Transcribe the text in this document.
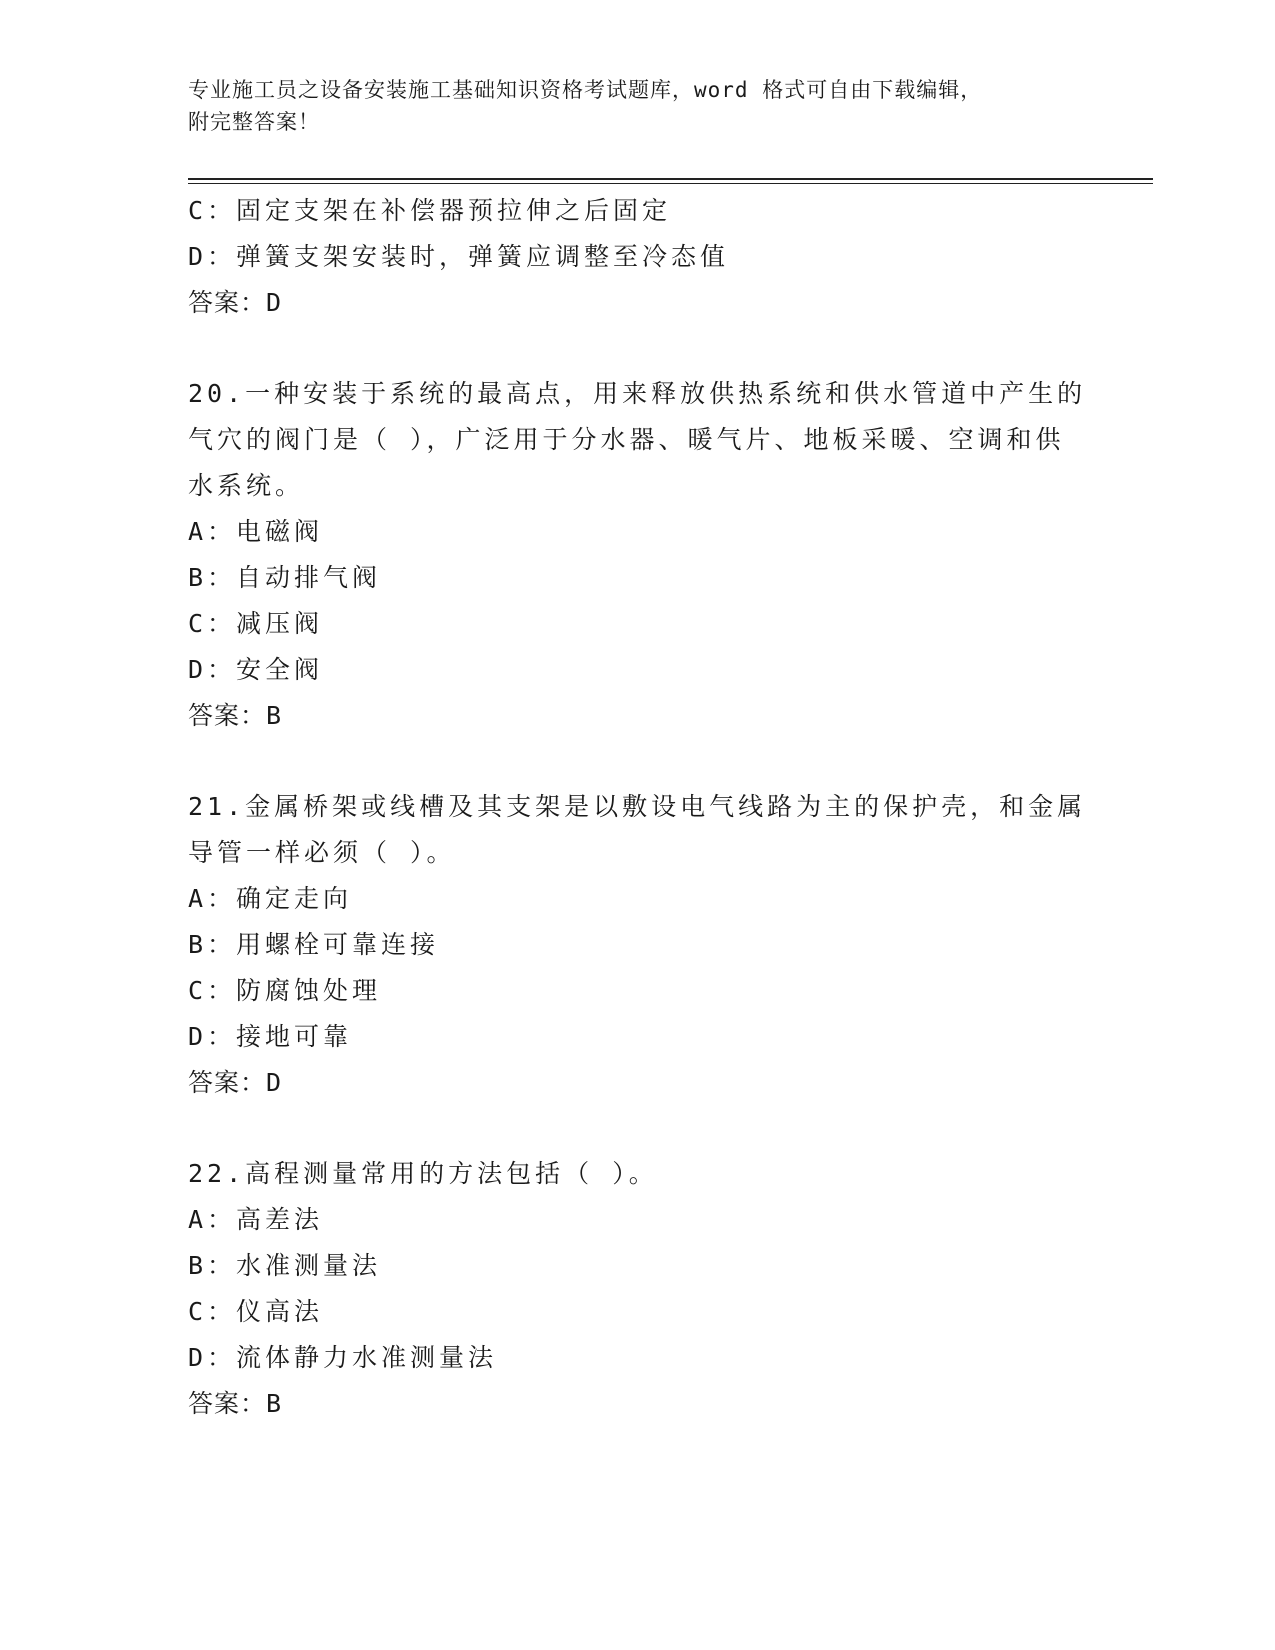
专业施工员之设备安装施工基础知识资格考试题库，word 格式可自由下载编辑，
附完整答案！

C：固定支架在补偿器预拉伸之后固定

D：弹簧支架安装时，弹簧应调整至冷态值

答案：D

20.一种安装于系统的最高点，用来释放供热系统和供水管道中产生的

气穴的阀门是（ ），广泛用于分水器、暖气片、地板采暖、空调和供

水系统。

A：电磁阀

B：自动排气阀

C：减压阀

D：安全阀

答案：B

21.金属桥架或线槽及其支架是以敷设电气线路为主的保护壳，和金属

导管一样必须（ ）。

A：确定走向

B：用螺栓可靠连接

C：防腐蚀处理

D：接地可靠

答案：D

22.高程测量常用的方法包括（ ）。

A：高差法

B：水准测量法

C：仪高法

D：流体静力水准测量法

答案：B
